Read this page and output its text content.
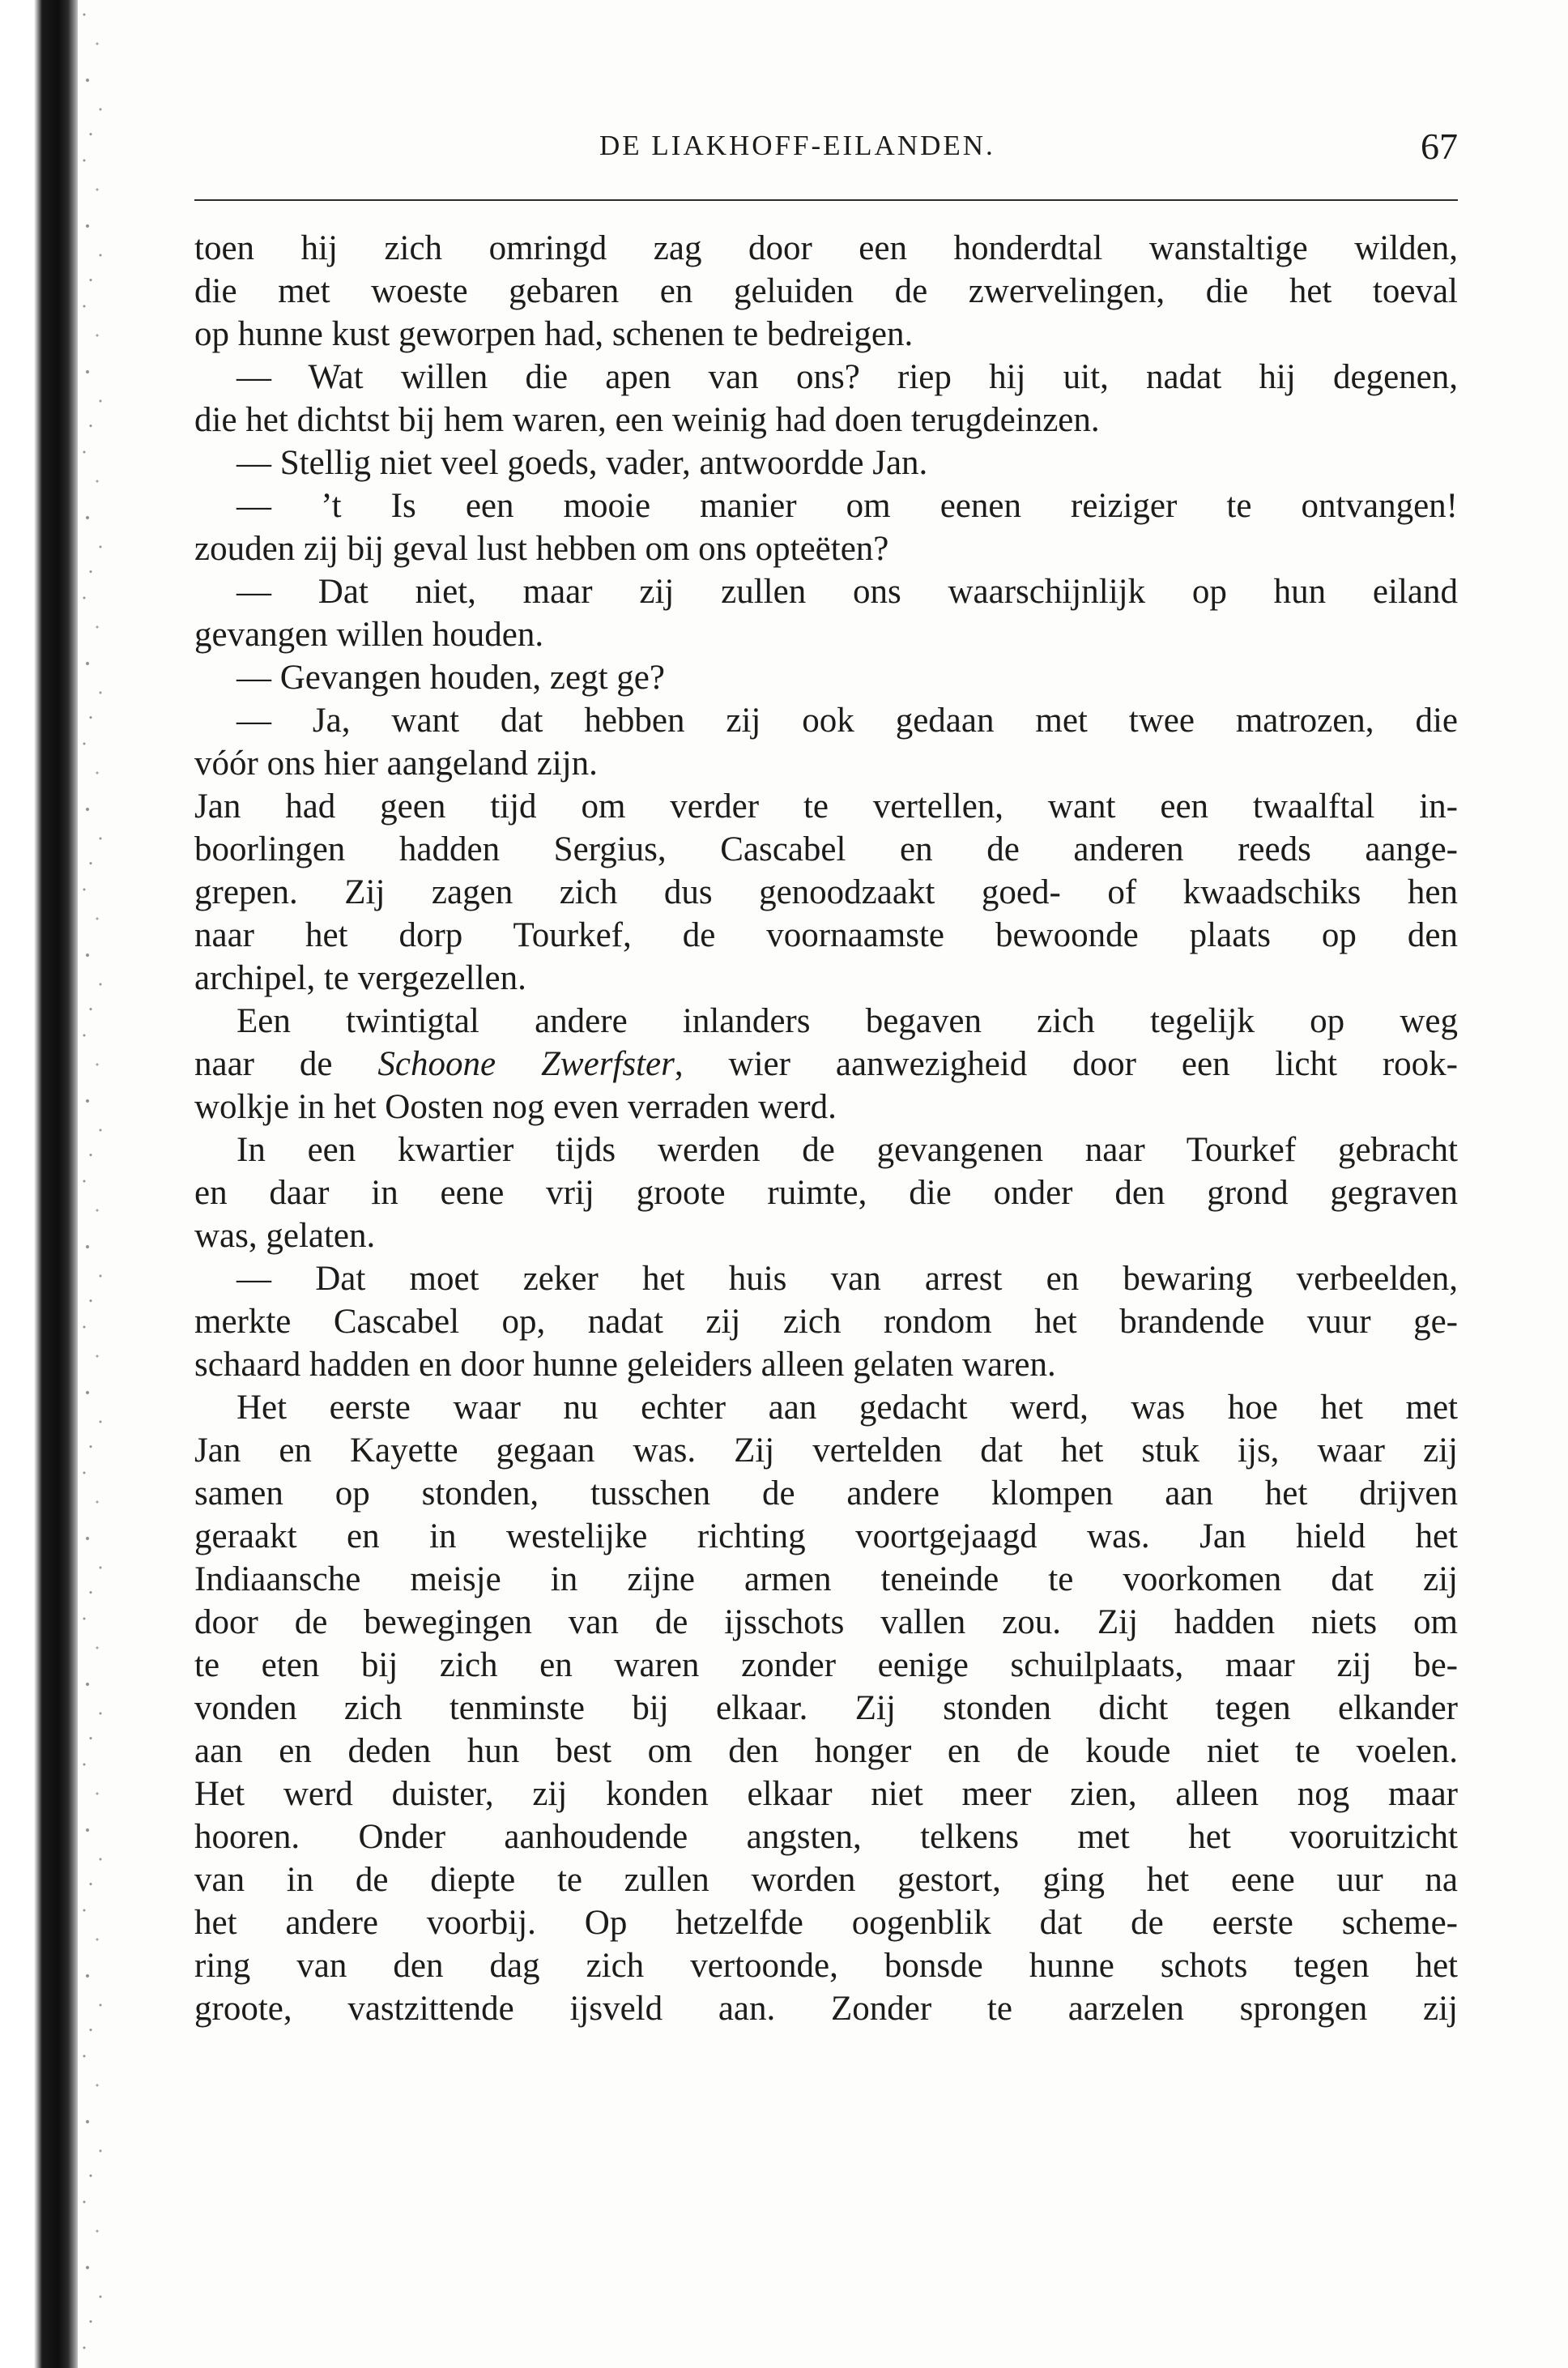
DE LIAKHOFF-EILANDEN.	67
toen hij zich omringd zag door een honderdtal wanstaltige wilden,
die met woeste gebaren en geluiden de zwervelingen, die het toeval
op hunne kust geworpen had, schenen te bedreigen.
— Wat willen die apen van ons? riep hij uit, nadat hij degenen,
die het dichtst bij hem waren, een weinig had doen terugdeinzen.
— Stellig niet veel goeds, vader, antwoordde Jan.
— ’t Is een mooie manier om eenen reiziger te ontvangen!
zouden zij bij geval lust hebben om ons opteëten?
— Dat niet, maar zij zullen ons waarschijnlijk op hun eiland
gevangen willen houden.
— Gevangen houden, zegt ge?
— Ja, want dat hebben zij ook gedaan met twee matrozen, die
vóór ons hier aangeland zijn.
Jan had geen tijd om verder te vertellen, want een twaalftal in-
boorlingen hadden Sergius, Cascabel en de anderen reeds aange-
grepen. Zij zagen zich dus genoodzaakt goed- of kwaadschiks hen
naar het dorp Tourkef, de voornaamste bewoonde plaats op den
archipel, te vergezellen.
Een twintigtal andere inlanders begaven zich tegelijk op weg
naar de Schoone Zwerfster, wier aanwezigheid door een licht rook-
wolkje in het Oosten nog even verraden werd.
In een kwartier tijds werden de gevangenen naar Tourkef gebracht
en daar in eene vrij groote ruimte, die onder den grond gegraven
was, gelaten.
— Dat moet zeker het huis van arrest en bewaring verbeelden,
merkte Cascabel op, nadat zij zich rondom het brandende vuur ge-
schaard hadden en door hunne geleiders alleen gelaten waren.
Het eerste waar nu echter aan gedacht werd, was hoe het met
Jan en Kayette gegaan was. Zij vertelden dat het stuk ijs, waar zij
samen op stonden, tusschen de andere klompen aan het drijven
geraakt en in westelijke richting voortgejaagd was. Jan hield het
Indiaansche meisje in zijne armen teneinde te voorkomen dat zij
door de bewegingen van de ijsschots vallen zou. Zij hadden niets om
te eten bij zich en waren zonder eenige schuilplaats, maar zij be-
vonden zich tenminste bij elkaar. Zij stonden dicht tegen elkander
aan en deden hun best om den honger en de koude niet te voelen.
Het werd duister, zij konden elkaar niet meer zien, alleen nog maar
hooren. Onder aanhoudende angsten, telkens met het vooruitzicht
van in de diepte te zullen worden gestort, ging het eene uur na
het andere voorbij. Op hetzelfde oogenblik dat de eerste scheme-
ring van den dag zich vertoonde, bonsde hunne schots tegen het
groote, vastzittende ijsveld aan. Zonder te aarzelen sprongen zij
